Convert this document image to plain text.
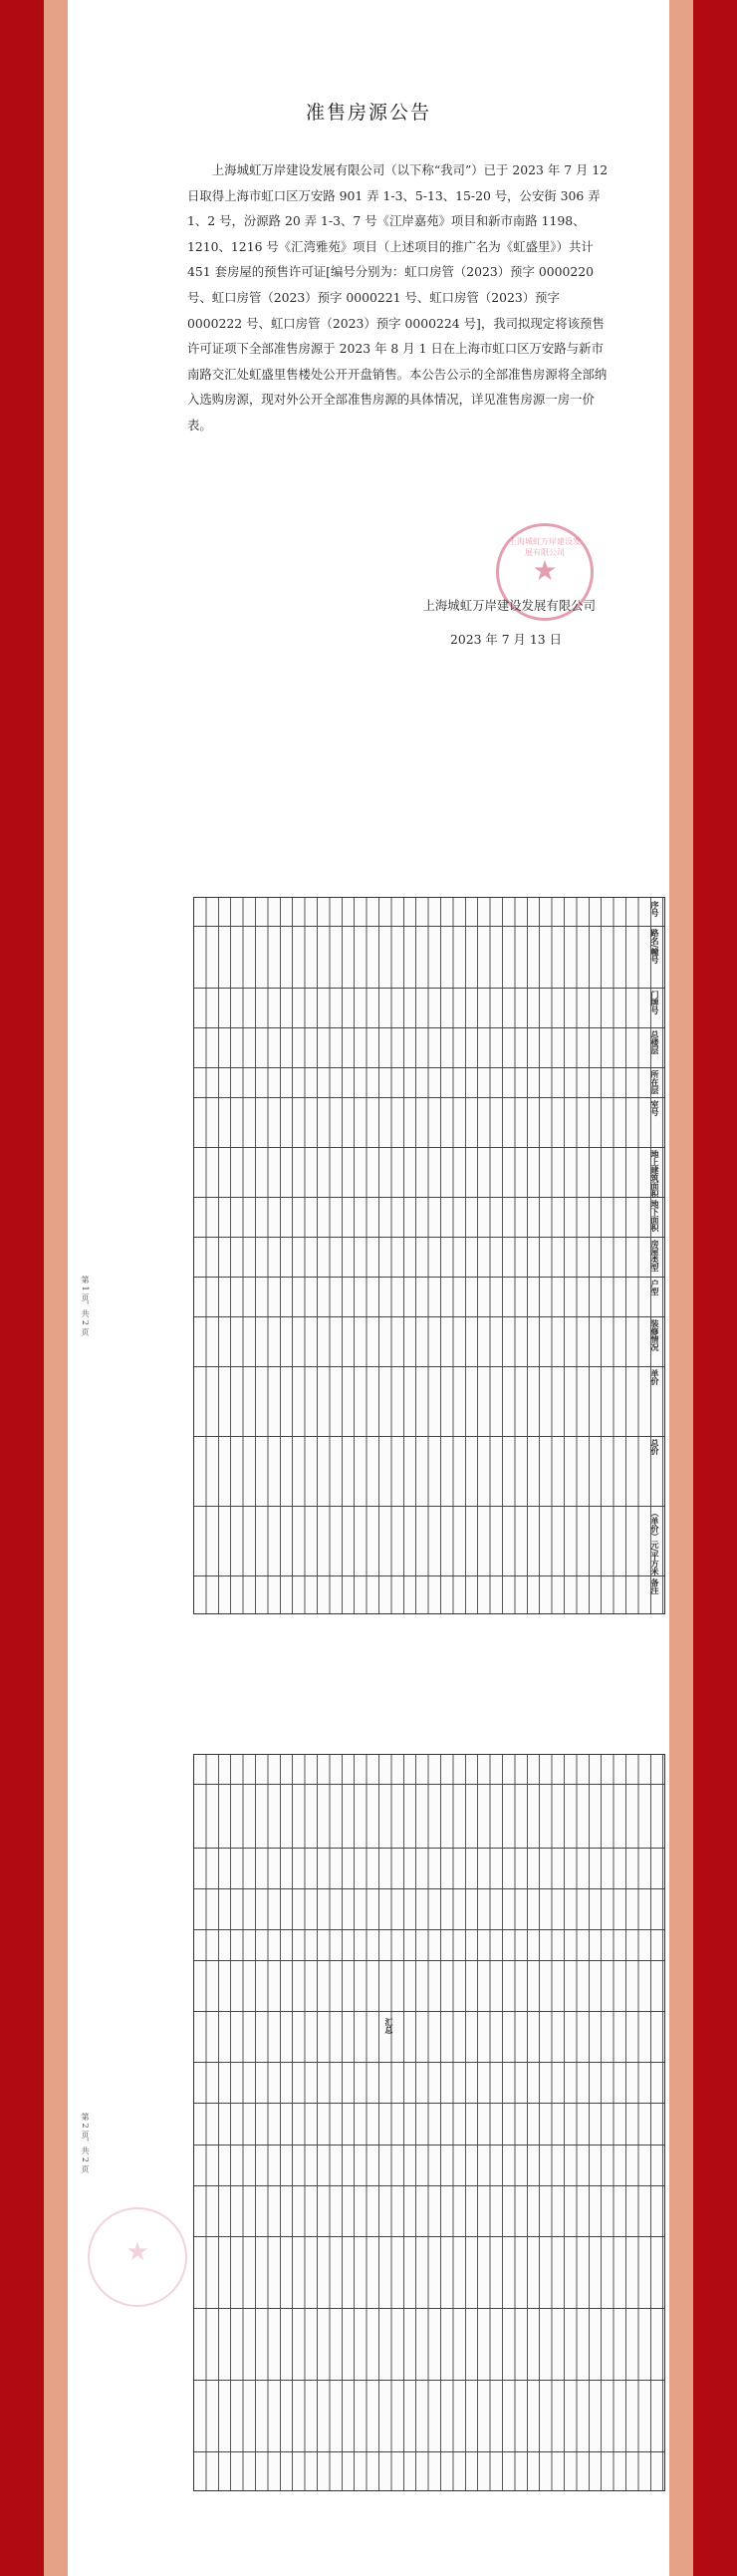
准售房源公告

上海城虹万岸建设发展有限公司（以下称“我司”）已于 2023 年 7 月 12 日取得上海市虹口区万安路 901 弄 1-3、5-13、15-20 号，公安街 306 弄 1、2 号，汾源路 20 弄 1-3、7 号《江岸嘉苑》项目和新市南路 1198、1210、1216 号《汇湾雅苑》项目（上述项目的推广名为《虹盛里》）共计 451 套房屋的预售许可证[编号分别为：虹口房管（2023）预字 0000220 号、虹口房管（2023）预字 0000221 号、虹口房管（2023）预字 0000222 号、虹口房管（2023）预字 0000224 号]，我司拟现定将该预售许可证项下全部准售房源于 2023 年 8 月 1 日在上海市虹口区万安路与新市南路交汇处虹盛里售楼处公开开盘销售。本公告公示的全部准售房源将全部纳入选购房源，现对外公开全部准售房源的具体情况，详见准售房源一房一价表。

上海城虹万岸建设发展有限公司
★
上海城虹万岸建设发展有限公司
2023 年 7 月 13 日
序号
路名/幢号
门牌号
总楼层
所在层
室号
地上建筑面积
地下面积
房屋类型
户型
装修情况
单价
总价
（单价）元/平方米
备注
第 1 页，共 2 页
★
第 2 页，共 2 页
汇总
